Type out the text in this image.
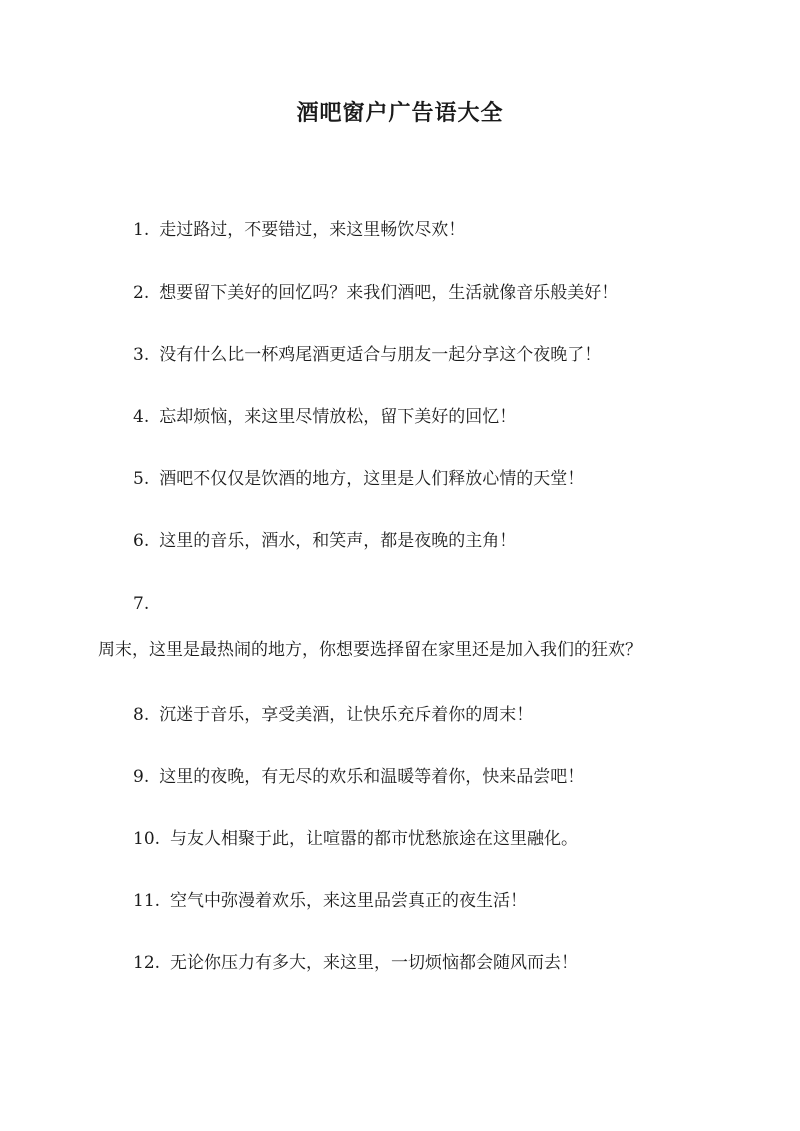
酒吧窗户广告语大全
1. 走过路过，不要错过，来这里畅饮尽欢！
2. 想要留下美好的回忆吗？来我们酒吧，生活就像音乐般美好！
3. 没有什么比一杯鸡尾酒更适合与朋友一起分享这个夜晚了！
4. 忘却烦恼，来这里尽情放松，留下美好的回忆！
5. 酒吧不仅仅是饮酒的地方，这里是人们释放心情的天堂！
6. 这里的音乐，酒水，和笑声，都是夜晚的主角！
7.
周末，这里是最热闹的地方，你想要选择留在家里还是加入我们的狂欢？
8. 沉迷于音乐，享受美酒，让快乐充斥着你的周末！
9. 这里的夜晚，有无尽的欢乐和温暖等着你，快来品尝吧！
10. 与友人相聚于此，让喧嚣的都市忧愁旅途在这里融化。
11. 空气中弥漫着欢乐，来这里品尝真正的夜生活！
12. 无论你压力有多大，来这里，一切烦恼都会随风而去！
